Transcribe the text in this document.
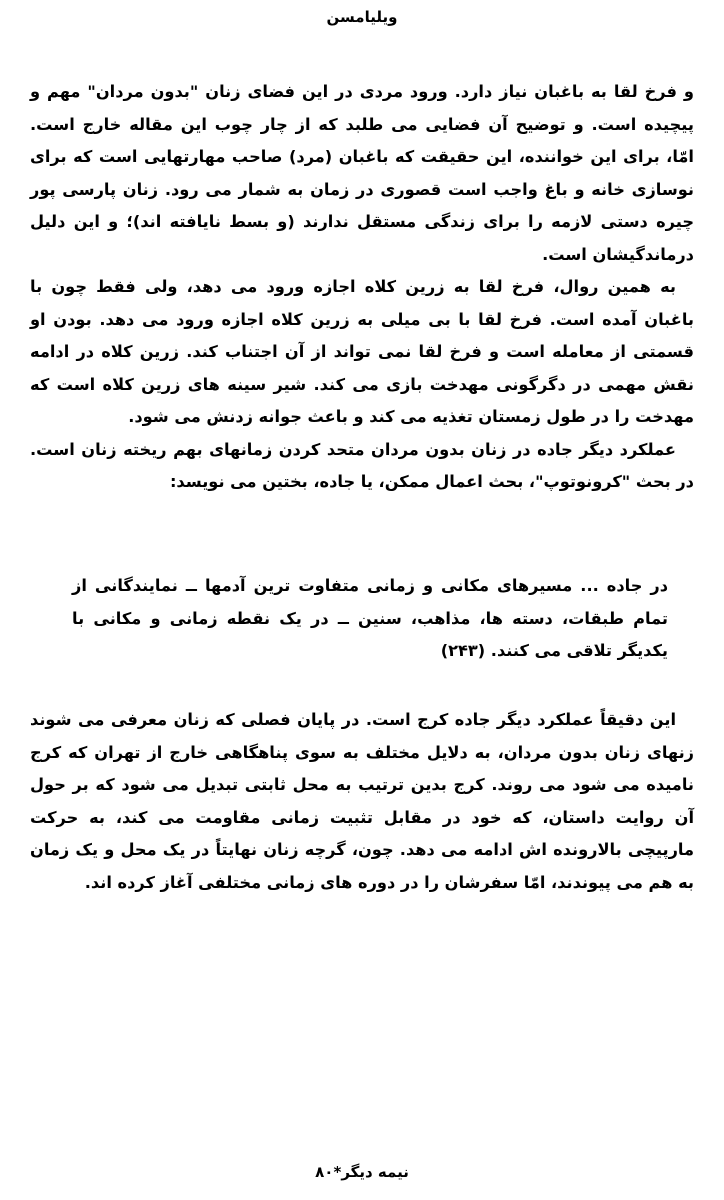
ویلیامسن

و فرخ لقا به باغبان نیاز دارد. ورود مردی در این فضای زنان "بدون مردان" مهم و پیچیده است. و توضیح آن فضایی می طلبد که از چار چوب این مقاله خارج است. امّا، برای این خواننده، این حقیقت که باغبان (مرد) صاحب مهارتهایی است که برای نوسازی خانه و باغ واجب است قصوری در زمان به شمار می رود. زنان پارسی پور چیره دستی لازمه را برای زندگی مستقل ندارند (و بسط نایافته اند)؛ و این دلیل درماندگیشان است.

به همین روال، فرخ لقا به زرین کلاه اجازه ورود می دهد، ولی فقط چون با باغبان آمده است. فرخ لقا با بی میلی به زرین کلاه اجازه ورود می دهد. بودن او قسمتی از معامله است و فرخ لقا نمی تواند از آن اجتناب کند. زرین کلاه در ادامه نقش مهمی در دگرگونی مهدخت بازی می کند. شیر سینه های زرین کلاه است که مهدخت را در طول زمستان تغذیه می کند و باعث جوانه زدنش می شود.

عملکرد دیگر جاده در زنان بدون مردان متحد کردن زمانهای بهم ریخته زنان است. در بحث "کرونوتوپ"، بحث اعمال ممکن، یا جاده، بختین می نویسد:

در جاده ... مسیرهای مکانی و زمانی متفاوت ترین آدمها ــ نمایندگانی از تمام طبقات، دسته ها، مذاهب، سنین ــ در یک نقطه زمانی و مکانی با یکدیگر تلاقی می کنند. (۲۴۳)

این دقیقاً عملکرد دیگر جاده کرج است. در پایان فصلی که زنان معرفی می شوند زنهای زنان بدون مردان، به دلایل مختلف به سوی پناهگاهی خارج از تهران که کرج نامیده می شود می روند. کرج بدین ترتیب به محل ثابتی تبدیل می شود که بر حول آن روایت داستان، که خود در مقابل تثبیت زمانی مقاومت می کند، به حرکت مارپیچی بالارونده اش ادامه می دهد. چون، گرچه زنان نهایتاً در یک محل و یک زمان به هم می پیوندند، امّا سفرشان را در دوره های زمانی مختلفی آغاز کرده اند.

نیمه دیگر*۸۰
